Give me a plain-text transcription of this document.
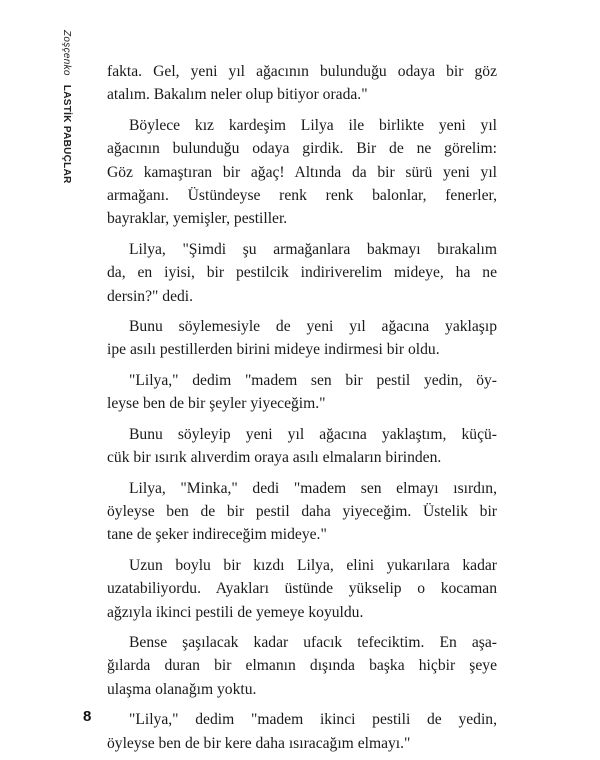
Zoşçenko LASTİK PABUÇLAR

fakta. Gel, yeni yıl ağacının bulunduğu odaya bir göz

atalım. Bakalım neler olup bitiyor orada."

Böylece kız kardeşim Lilya ile birlikte yeni yıl

ağacının bulunduğu odaya girdik. Bir de ne görelim:

Göz kamaştıran bir ağaç! Altında da bir sürü yeni yıl

armağanı. Üstündeyse renk renk balonlar, fenerler,

bayraklar, yemişler, pestiller.

Lilya, "Şimdi şu armağanlara bakmayı bırakalım

da, en iyisi, bir pestilcik indiriverelim mideye, ha ne

dersin?" dedi.

Bunu söylemesiyle de yeni yıl ağacına yaklaşıp

ipe asılı pestillerden birini mideye indirmesi bir oldu.

"Lilya," dedim "madem sen bir pestil yedin, öy-

leyse ben de bir şeyler yiyeceğim."

Bunu söyleyip yeni yıl ağacına yaklaştım, küçü-

cük bir ısırık alıverdim oraya asılı elmaların birinden.

Lilya, "Minka," dedi "madem sen elmayı ısırdın,

öyleyse ben de bir pestil daha yiyeceğim. Üstelik bir

tane de şeker indireceğim mideye."

Uzun boylu bir kızdı Lilya, elini yukarılara kadar

uzatabiliyordu. Ayakları üstünde yükselip o kocaman

ağzıyla ikinci pestili de yemeye koyuldu.

Bense şaşılacak kadar ufacık tefeciktim. En aşa-

ğılarda duran bir elmanın dışında başka hiçbir şeye

ulaşma olanağım yoktu.

"Lilya," dedim "madem ikinci pestili de yedin,

öyleyse ben de bir kere daha ısıracağım elmayı."

8
